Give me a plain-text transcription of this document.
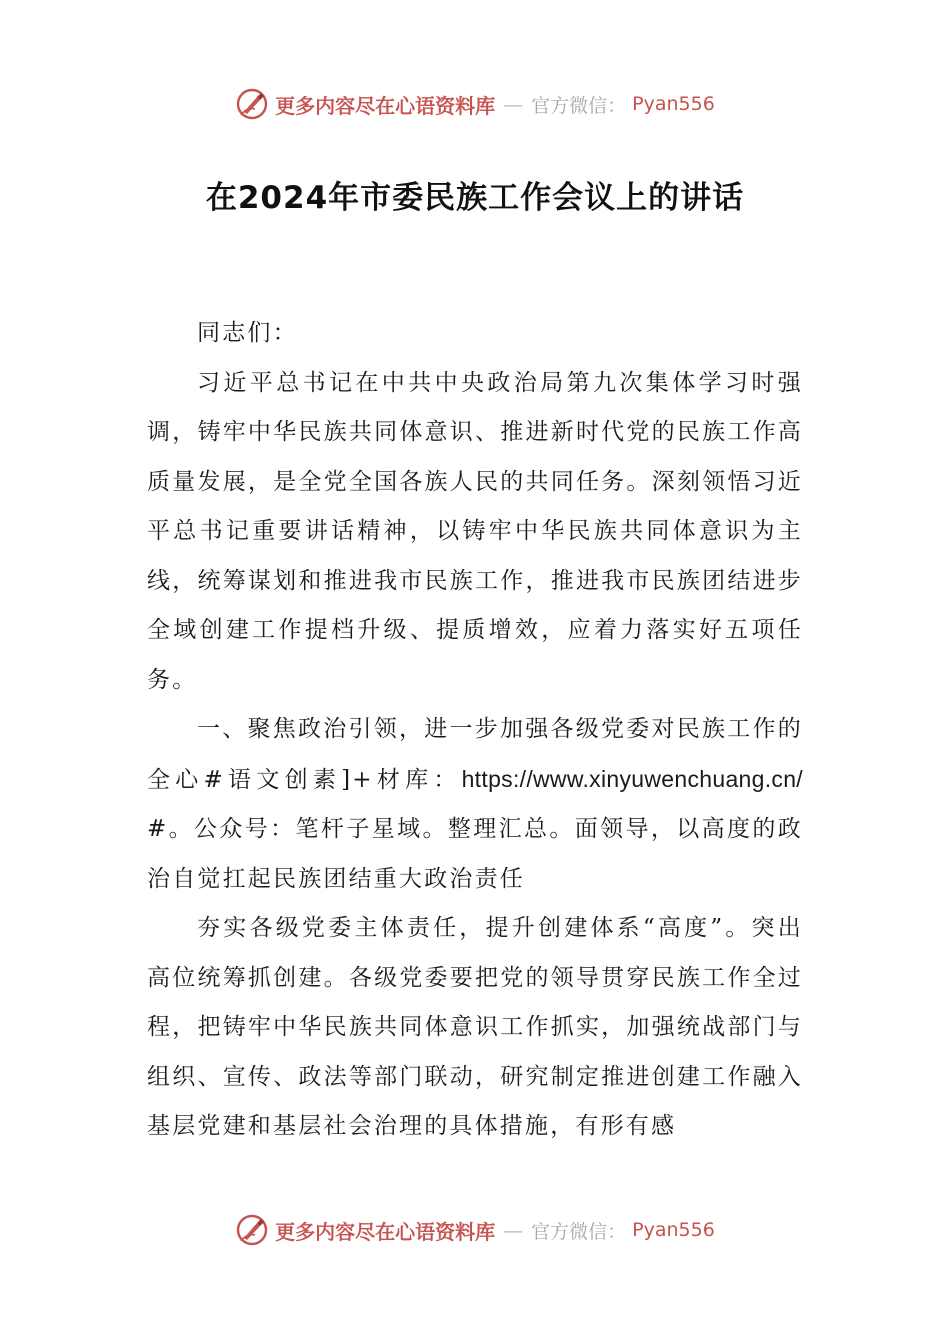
更多内容尽在心语资料库 — 官方微信： Pyan556
在2024年市委民族工作会议上的讲话

同志们：

习近平总书记在中共中央政治局第九次集体学习时强调，铸牢中华民族共同体意识、推进新时代党的民族工作高质量发展，是全党全国各族人民的共同任务。深刻领悟习近平总书记重要讲话精神，以铸牢中华民族共同体意识为主线，统筹谋划和推进我市民族工作，推进我市民族团结进步全域创建工作提档升级、提质增效，应着力落实好五项任务。

一、聚焦政治引领，进一步加强各级党委对民族工作的全心#语文创素]+材库：https://www.xinyuwenchuang.cn/#。公众号：笔杆子星域。整理汇总。面领导，以高度的政治自觉扛起民族团结重大政治责任

夯实各级党委主体责任，提升创建体系“高度”。突出高位统筹抓创建。各级党委要把党的领导贯穿民族工作全过程，把铸牢中华民族共同体意识工作抓实，加强统战部门与组织、宣传、政法等部门联动，研究制定推进创建工作融入基层党建和基层社会治理的具体措施，有形有感

更多内容尽在心语资料库 — 官方微信： Pyan556
